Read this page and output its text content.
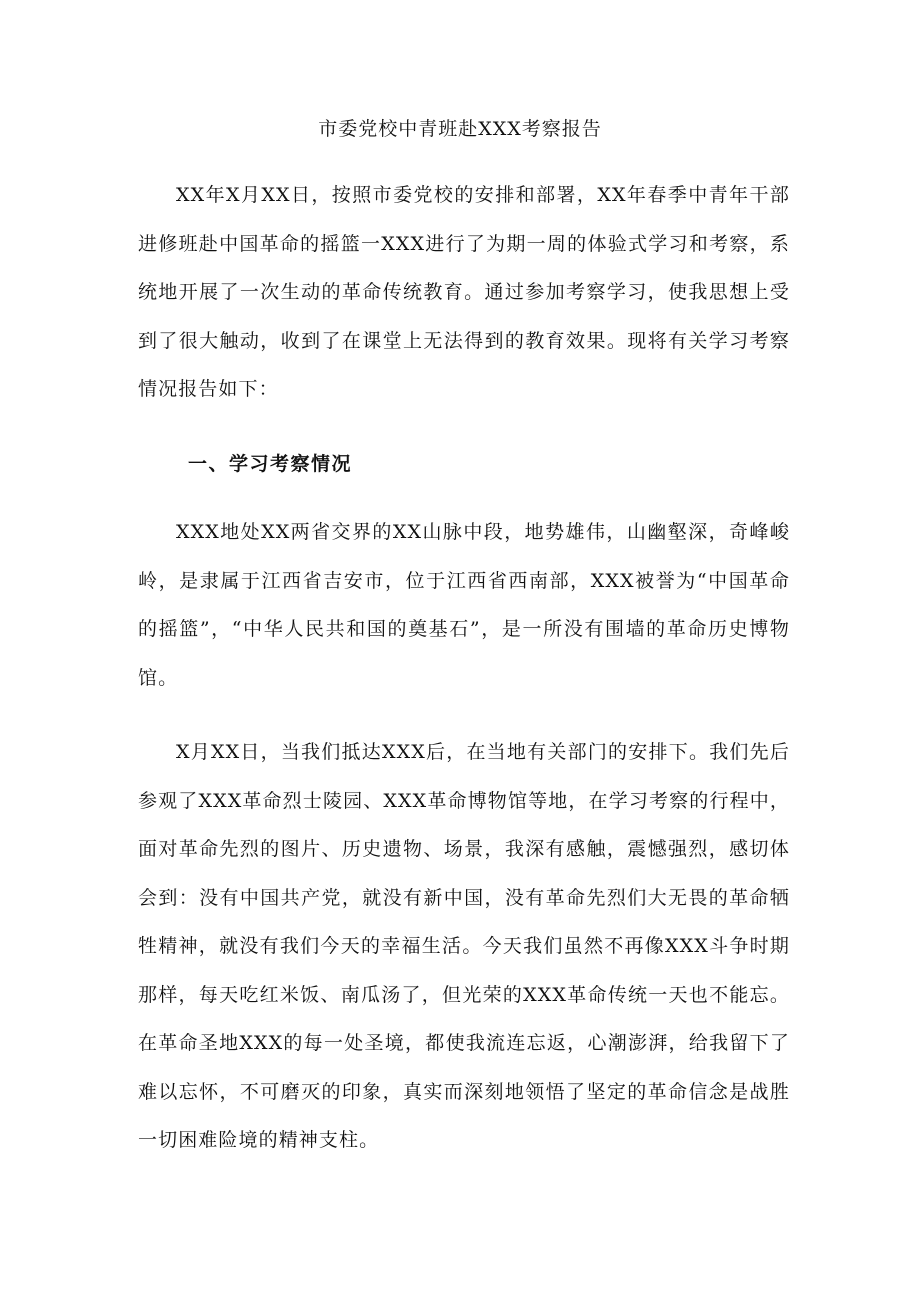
市委党校中青班赴XXX考察报告

XX年X月XX日，按照市委党校的安排和部署，XX年春季中青年干部进修班赴中国革命的摇篮一XXX进行了为期一周的体验式学习和考察，系统地开展了一次生动的革命传统教育。通过参加考察学习，使我思想上受到了很大触动，收到了在课堂上无法得到的教育效果。现将有关学习考察情况报告如下：

一、学习考察情况

XXX地处XX两省交界的XX山脉中段，地势雄伟，山幽壑深，奇峰峻岭，是隶属于江西省吉安市，位于江西省西南部，XXX被誉为“中国革命的摇篮”，“中华人民共和国的奠基石”，是一所没有围墙的革命历史博物馆。

X月XX日，当我们抵达XXX后，在当地有关部门的安排下。我们先后参观了XXX革命烈士陵园、XXX革命博物馆等地，在学习考察的行程中，面对革命先烈的图片、历史遗物、场景，我深有感触，震憾强烈，感切体会到：没有中国共产党，就没有新中国，没有革命先烈们大无畏的革命牺牲精神，就没有我们今天的幸福生活。今天我们虽然不再像XXX斗争时期那样，每天吃红米饭、南瓜汤了，但光荣的XXX革命传统一天也不能忘。在革命圣地XXX的每一处圣境，都使我流连忘返，心潮澎湃，给我留下了难以忘怀，不可磨灭的印象，真实而深刻地领悟了坚定的革命信念是战胜一切困难险境的精神支柱。
